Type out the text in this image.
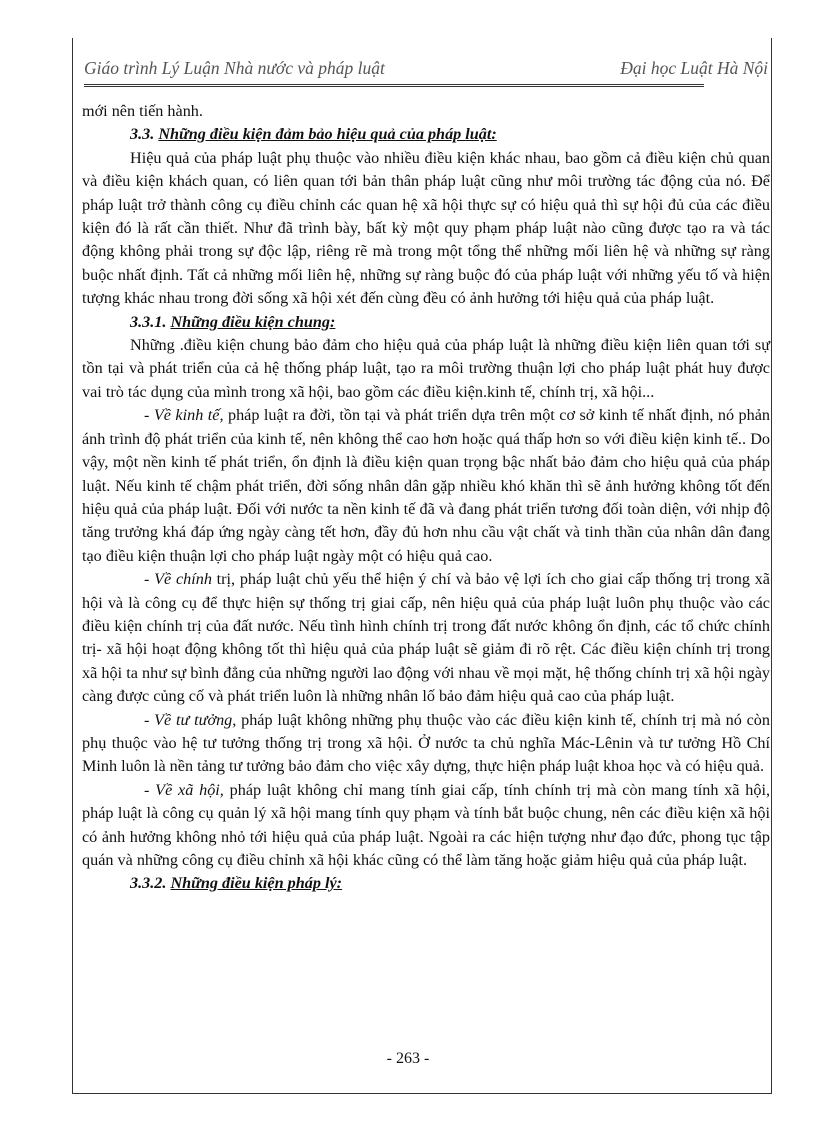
Giáo trình Lý Luận Nhà nước và pháp luật	Đại học Luật Hà Nội

mới nên tiến hành.

3.3. Những điều kiện đảm bảo hiệu quả của pháp luật:

Hiệu quả của pháp luật phụ thuộc vào nhiều điều kiện khác nhau, bao gồm cả điều kiện chủ quan và điều kiện khách quan, có liên quan tới bản thân pháp luật cũng như môi trường tác động của nó. Để pháp luật trở thành công cụ điều chỉnh các quan hệ xã hội thực sự có hiệu quả thì sự hội đủ của các điều kiện đó là rất cần thiết. Như đã trình bày, bất kỳ một quy phạm pháp luật nào cũng được tạo ra và tác động không phải trong sự độc lập, riêng rẽ mà trong một tổng thể những mối liên hệ và những sự ràng buộc nhất định. Tất cả những mối liên hệ, những sự ràng buộc đó của pháp luật với những yếu tố và hiện tượng khác nhau trong đời sống xã hội xét đến cùng đều có ảnh hưởng tới hiệu quả của pháp luật.

3.3.1. Những điều kiện chung:

Những .điều kiện chung bảo đảm cho hiệu quả của pháp luật là những điều kiện liên quan tới sự tồn tại và phát triển của cả hệ thống pháp luật, tạo ra môi trường thuận lợi cho pháp luật phát huy được vai trò tác dụng của mình trong xã hội, bao gồm các điều kiện.kinh tế, chính trị, xã hội...

- Về kinh tế, pháp luật ra đời, tồn tại và phát triển dựa trên một cơ sở kinh tế nhất định, nó phản ánh trình độ phát triển của kinh tế, nên không thể cao hơn hoặc quá thấp hơn so với điều kiện kinh tế.. Do vậy, một nền kinh tế phát triển, ổn định là điều kiện quan trọng bậc nhất bảo đảm cho hiệu quả của pháp luật. Nếu kinh tế chậm phát triển, đời sống nhân dân gặp nhiều khó khăn thì sẽ ảnh hưởng không tốt đến hiệu quả của pháp luật. Đối với nước ta nền kinh tế đã và đang phát triển tương đối toàn diện, với nhịp độ tăng trưởng khá đáp ứng ngày càng tết hơn, đầy đủ hơn nhu cầu vật chất và tinh thần của nhân dân đang tạo điều kiện thuận lợi cho pháp luật ngày một có hiệu quả cao.

- Về chính trị, pháp luật chủ yếu thể hiện ý chí và bảo vệ lợi ích cho giai cấp thống trị trong xã hội và là công cụ để thực hiện sự thống trị giai cấp, nên hiệu quả của pháp luật luôn phụ thuộc vào các điều kiện chính trị của đất nước. Nếu tình hình chính trị trong đất nước không ổn định, các tổ chức chính trị- xã hội hoạt động không tốt thì hiệu quả của pháp luật sẽ giảm đi rõ rệt. Các điều kiện chính trị trong xã hội ta như sự bình đẳng của những người lao động với nhau về mọi mặt, hệ thống chính trị xã hội ngày càng được củng cố và phát triển luôn là những nhân lố bảo đảm hiệu quả cao của pháp luật.

- Về tư tưởng, pháp luật không những phụ thuộc vào các điều kiện kinh tế, chính trị mà nó còn phụ thuộc vào hệ tư tưởng thống trị trong xã hội. Ở nước ta chủ nghĩa Mác-Lênin và tư tưởng Hồ Chí Minh luôn là nền tảng tư tưởng bảo đảm cho việc xây dựng, thực hiện pháp luật khoa học và có hiệu quả.

- Về xã hội, pháp luật không chỉ mang tính giai cấp, tính chính trị mà còn mang tính xã hội, pháp luật là công cụ quản lý xã hội mang tính quy phạm và tính bắt buộc chung, nên các điều kiện xã hội có ảnh hưởng không nhỏ tới hiệu quả của pháp luật. Ngoài ra các hiện tượng như đạo đức, phong tục tập quán và những công cụ điều chỉnh xã hội khác cũng có thể làm tăng hoặc giảm hiệu quả của pháp luật.

3.3.2. Những điều kiện pháp lý:

- 263 -
